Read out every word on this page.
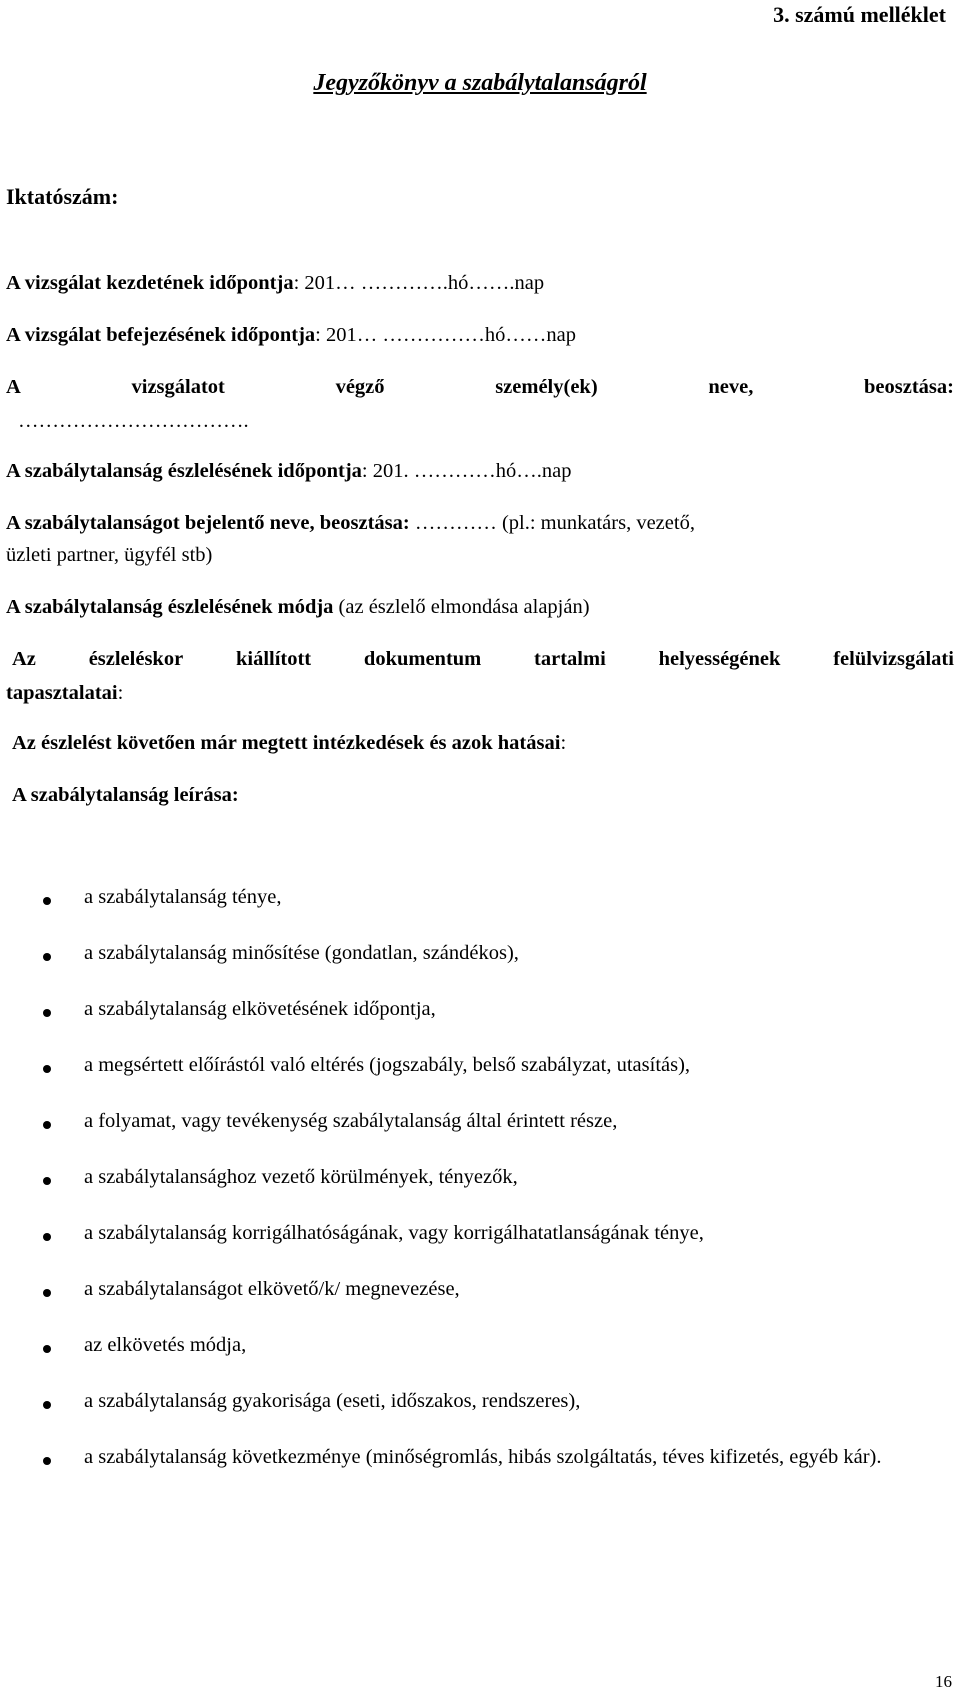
3. számú melléklet
Jegyzőkönyv a szabálytalanságról
Iktatószám:
A vizsgálat kezdetének időpontja: 201… ………….hó…….nap
A vizsgálat befejezésének időpontja: 201… ……………hó……nap
A	vizsgálatot	végző	személy(ek)	neve,	beosztása:
…………………………….
A szabálytalanság észlelésének időpontja: 201. …………hó….nap
A szabálytalanságot bejelentő neve, beosztása: ………… (pl.: munkatárs, vezető,
üzleti partner, ügyfél stb)
A szabálytalanság észlelésének módja (az észlelő elmondása alapján)
Az	észleléskor	kiállított	dokumentum	tartalmi	helyességének	felülvizsgálati
tapasztalatai:
Az észlelést követően már megtett intézkedések és azok hatásai:
A szabálytalanság leírása:
a szabálytalanság ténye,
a szabálytalanság minősítése (gondatlan, szándékos),
a szabálytalanság elkövetésének időpontja,
a megsértett előírástól való eltérés (jogszabály, belső szabályzat, utasítás),
a folyamat, vagy tevékenység szabálytalanság által érintett része,
a szabálytalansághoz vezető körülmények, tényezők,
a szabálytalanság korrigálhatóságának, vagy korrigálhatatlanságának ténye,
a szabálytalanságot elkövető/k/ megnevezése,
az elkövetés módja,
a szabálytalanság gyakorisága (eseti, időszakos, rendszeres),
a szabálytalanság következménye (minőségromlás, hibás szolgáltatás, téves kifizetés, egyéb kár).
16
